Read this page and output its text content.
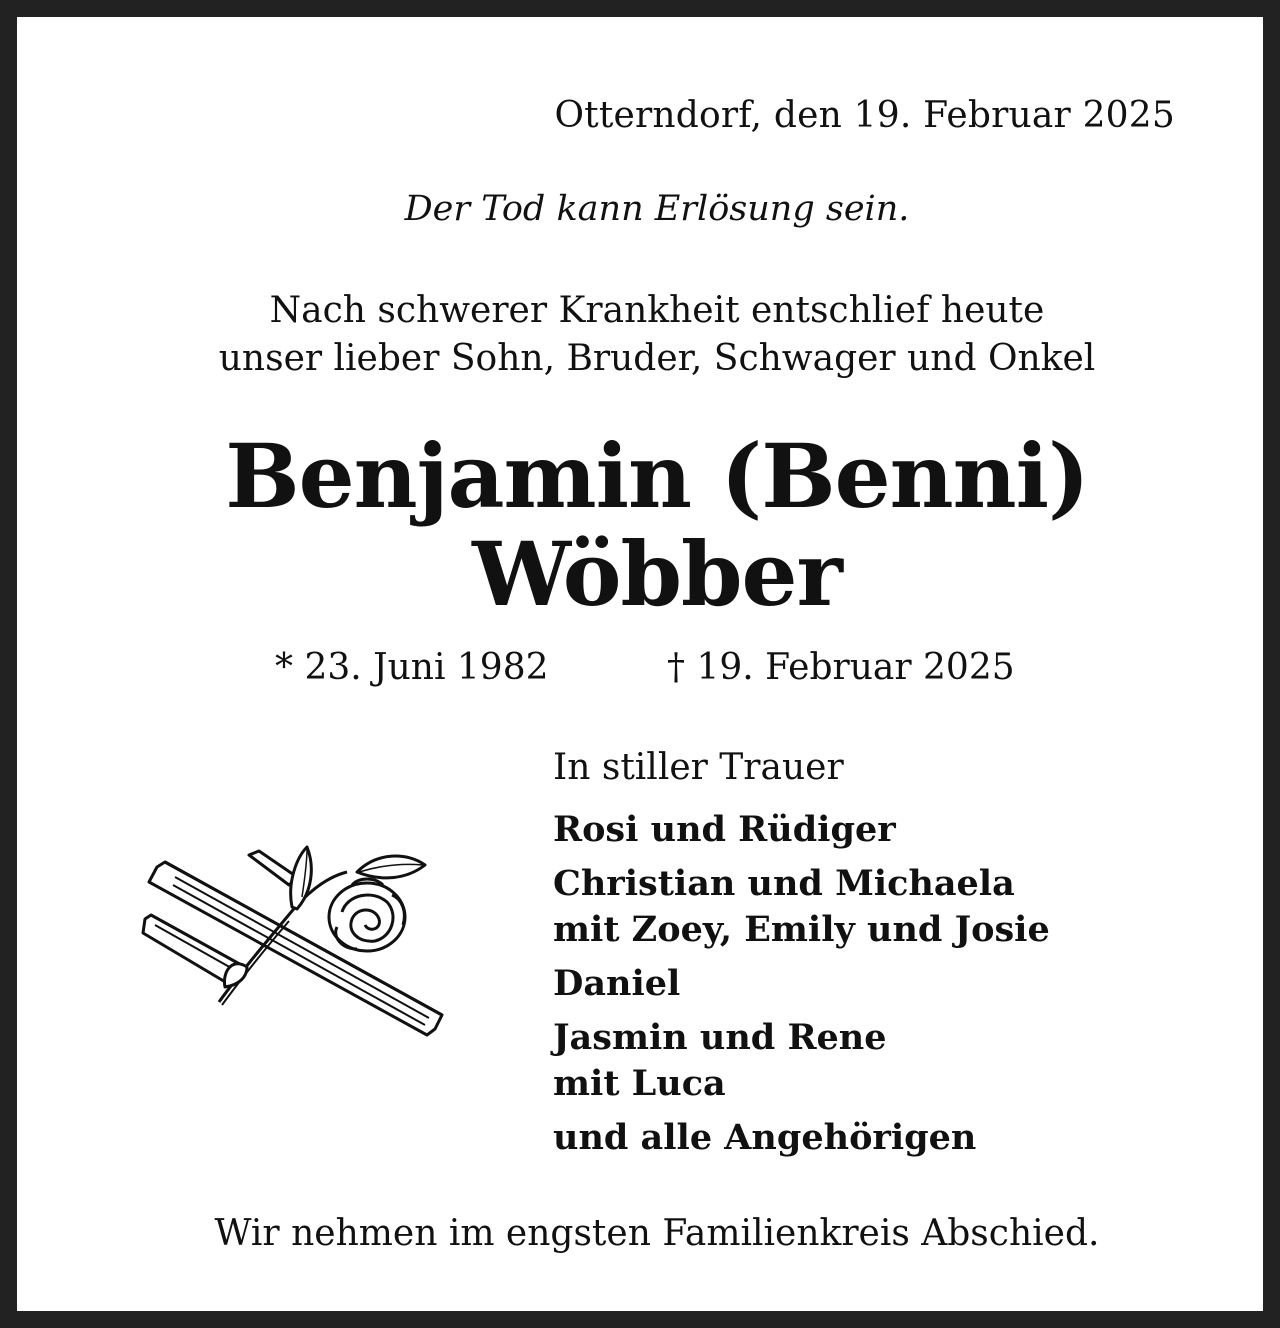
Otterndorf, den 19. Februar 2025
Der Tod kann Erlösung sein.
Nach schwerer Krankheit entschlief heute
unser lieber Sohn, Bruder, Schwager und Onkel
Benjamin (Benni)
Wöbber
* 23. Juni 1982	† 19. Februar 2025
In stiller Trauer
Rosi und Rüdiger
Christian und Michaela
mit Zoey, Emily und Josie
Daniel
Jasmin und Rene
mit Luca
und alle Angehörigen
Wir nehmen im engsten Familienkreis Abschied.
